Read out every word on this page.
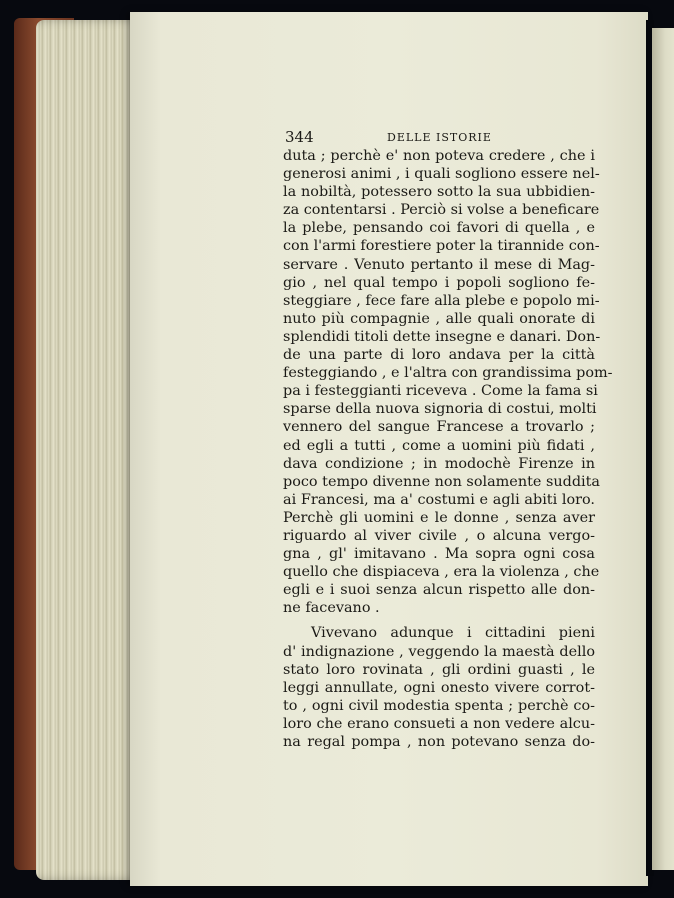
344	DELLE ISTORIE
duta ; perchè e' non poteva credere , che i
generosi animi , i quali sogliono essere nel-
la nobiltà, potessero sotto la sua ubbidien-
za contentarsi . Perciò si volse a beneficare
la plebe, pensando coi favori di quella , e
con l'armi forestiere poter la tirannide con-
servare . Venuto pertanto il mese di Mag-
gio , nel qual tempo i popoli sogliono fe-
steggiare , fece fare alla plebe e popolo mi-
nuto più compagnie , alle quali onorate di
splendidi titoli dette insegne e danari. Don-
de una parte di loro andava per la città
festeggiando , e l'altra con grandissima pom-
pa i festeggianti riceveva . Come la fama si
sparse della nuova signoria di costui, molti
vennero del sangue Francese a trovarlo ;
ed egli a tutti , come a uomini più fidati ,
dava condizione ; in modochè Firenze in
poco tempo divenne non solamente suddita
ai Francesi, ma a' costumi e agli abiti loro.
Perchè gli uomini e le donne , senza aver
riguardo al viver civile , o alcuna vergo-
gna , gl' imitavano . Ma sopra ogni cosa
quello che dispiaceva , era la violenza , che
egli e i suoi senza alcun rispetto alle don-
ne facevano .
Vivevano adunque i cittadini pieni
d' indignazione , veggendo la maestà dello
stato loro rovinata , gli ordini guasti , le
leggi annullate, ogni onesto vivere corrot-
to , ogni civil modestia spenta ; perchè co-
loro che erano consueti a non vedere alcu-
na regal pompa , non potevano senza do-
